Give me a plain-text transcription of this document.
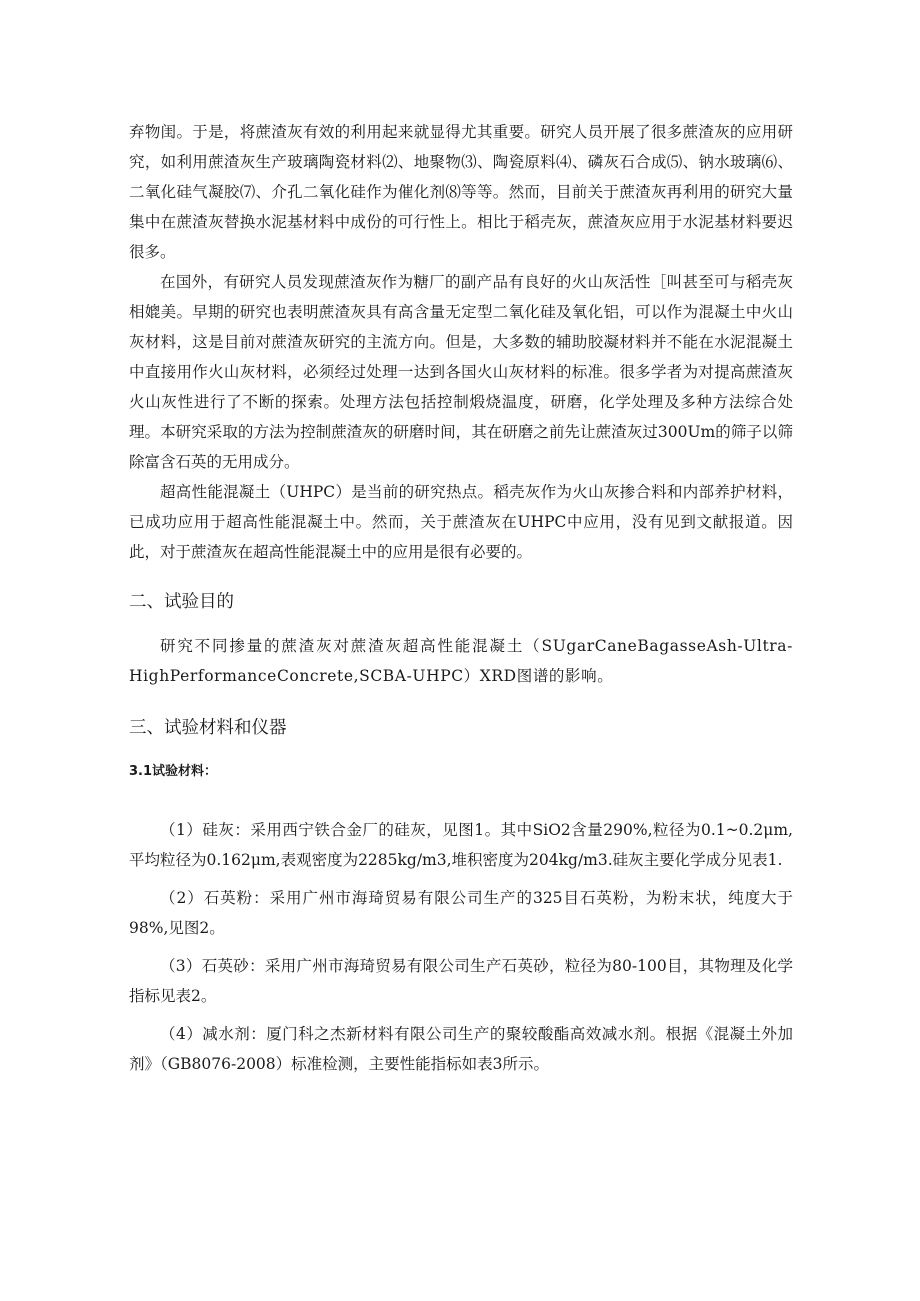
弃物闺。于是，将蔗渣灰有效的利用起来就显得尤其重要。研究人员开展了很多蔗渣灰的应用研究，如利用蔗渣灰生产玻璃陶瓷材料⑵、地聚物⑶、陶瓷原料⑷、磷灰石合成⑸、钠水玻璃⑹、二氧化硅气凝胶⑺、介孔二氧化硅作为催化剂⑻等等。然而，目前关于蔗渣灰再利用的研究大量集中在蔗渣灰替换水泥基材料中成份的可行性上。相比于稻壳灰，蔗渣灰应用于水泥基材料要迟很多。

在国外，有研究人员发现蔗渣灰作为糖厂的副产品有良好的火山灰活性［叫甚至可与稻壳灰相媲美。早期的研究也表明蔗渣灰具有高含量无定型二氧化硅及氧化铝，可以作为混凝土中火山灰材料，这是目前对蔗渣灰研究的主流方向。但是，大多数的辅助胶凝材料并不能在水泥混凝土中直接用作火山灰材料，必须经过处理一达到各国火山灰材料的标准。很多学者为对提高蔗渣灰火山灰性进行了不断的探索。处理方法包括控制煅烧温度，研磨，化学处理及多种方法综合处理。本研究采取的方法为控制蔗渣灰的研磨时间，其在研磨之前先让蔗渣灰过300Um的筛子以筛除富含石英的无用成分。

超高性能混凝土（UHPC）是当前的研究热点。稻壳灰作为火山灰掺合料和内部养护材料，已成功应用于超高性能混凝土中。然而，关于蔗渣灰在UHPC中应用，没有见到文献报道。因此，对于蔗渣灰在超高性能混凝土中的应用是很有必要的。

二、试验目的

研究不同掺量的蔗渣灰对蔗渣灰超高性能混凝土（SUgarCaneBagasseAsh-Ultra-HighPerformanceConcrete,SCBA-UHPC）XRD图谱的影响。

三、试验材料和仪器
3.1试验材料：

（1）硅灰：采用西宁铁合金厂的硅灰，见图1。其中SiO2含量290%,粒径为0.1~0.2μm,平均粒径为0.162μm,表观密度为2285kg/m3,堆积密度为204kg/m3.硅灰主要化学成分见表1.

（2）石英粉：采用广州市海琦贸易有限公司生产的325目石英粉，为粉末状，纯度大于98%,见图2。

（3）石英砂：采用广州市海琦贸易有限公司生产石英砂，粒径为80-100目，其物理及化学指标见表2。

（4）减水剂：厦门科之杰新材料有限公司生产的聚较酸酯高效减水剂。根据《混凝土外加剂》（GB8076-2008）标准检测，主要性能指标如表3所示。
